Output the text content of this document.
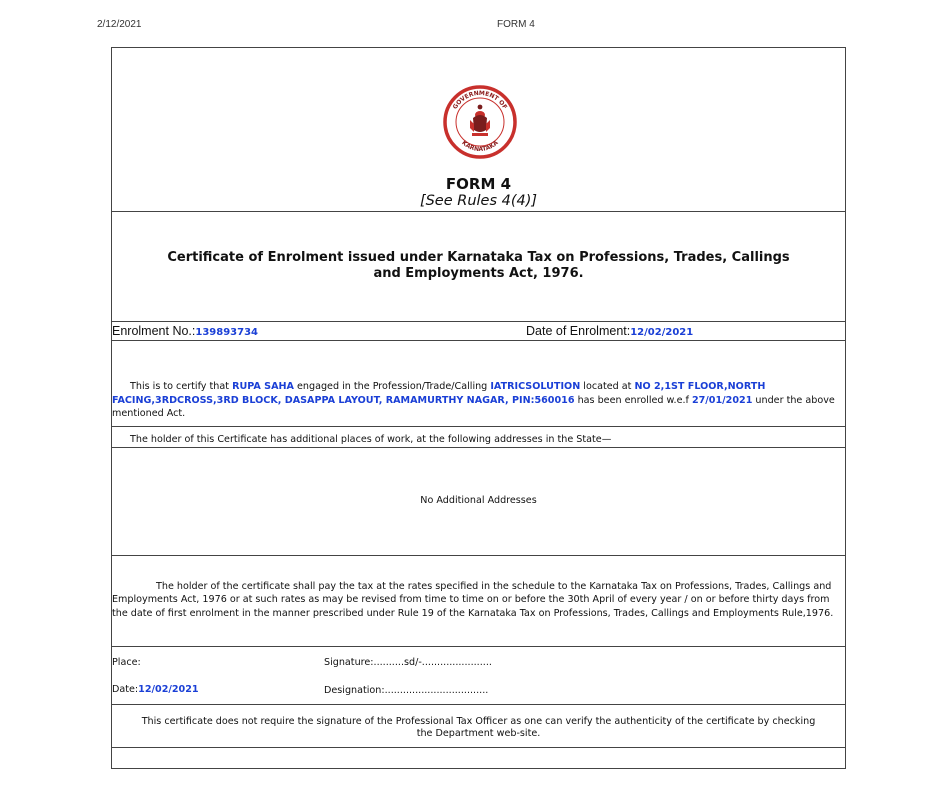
2/12/2021	FORM 4
GOVERNMENT OF
KARNATAKA
FORM 4
[See Rules 4(4)]
Certificate of Enrolment issued under Karnataka Tax on Professions, Trades, Callings and Employments Act, 1976.
Enrolment No.:139893734	Date of Enrolment:12/02/2021
This is to certify that RUPA SAHA engaged in the Profession/Trade/Calling IATRICSOLUTION located at NO 2,1ST FLOOR,NORTH FACING,3RDCROSS,3RD BLOCK, DASAPPA LAYOUT, RAMAMURTHY NAGAR, PIN:560016 has been enrolled w.e.f 27/01/2021 under the above mentioned Act.
The holder of this Certificate has additional places of work, at the following addresses in the State—
No Additional Addresses
The holder of the certificate shall pay the tax at the rates specified in the schedule to the Karnataka Tax on Professions, Trades, Callings and Employments Act, 1976 or at such rates as may be revised from time to time on or before the 30th April of every year / on or before thirty days from the date of first enrolment in the manner prescribed under Rule 19 of the Karnataka Tax on Professions, Trades, Callings and Employments Rule,1976.
Place:
Date:12/02/2021
Signature:..........sd/-.......................
Designation:..................................
This certificate does not require the signature of the Professional Tax Officer as one can verify the authenticity of the certificate by checking the Department web-site.
